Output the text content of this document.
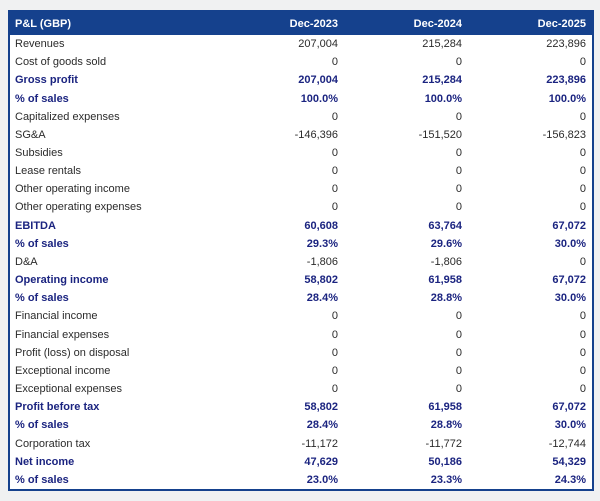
P&L (GBP)	Dec-2023	Dec-2024	Dec-2025
Revenues	207,004	215,284	223,896
Cost of goods sold	0	0	0
Gross profit	207,004	215,284	223,896
% of sales	100.0%	100.0%	100.0%
Capitalized expenses	0	0	0
SG&A	-146,396	-151,520	-156,823
Subsidies	0	0	0
Lease rentals	0	0	0
Other operating income	0	0	0
Other operating expenses	0	0	0
EBITDA	60,608	63,764	67,072
% of sales	29.3%	29.6%	30.0%
D&A	-1,806	-1,806	0
Operating income	58,802	61,958	67,072
% of sales	28.4%	28.8%	30.0%
Financial income	0	0	0
Financial expenses	0	0	0
Profit (loss) on disposal	0	0	0
Exceptional income	0	0	0
Exceptional expenses	0	0	0
Profit before tax	58,802	61,958	67,072
% of sales	28.4%	28.8%	30.0%
Corporation tax	-11,172	-11,772	-12,744
Net income	47,629	50,186	54,329
% of sales	23.0%	23.3%	24.3%
